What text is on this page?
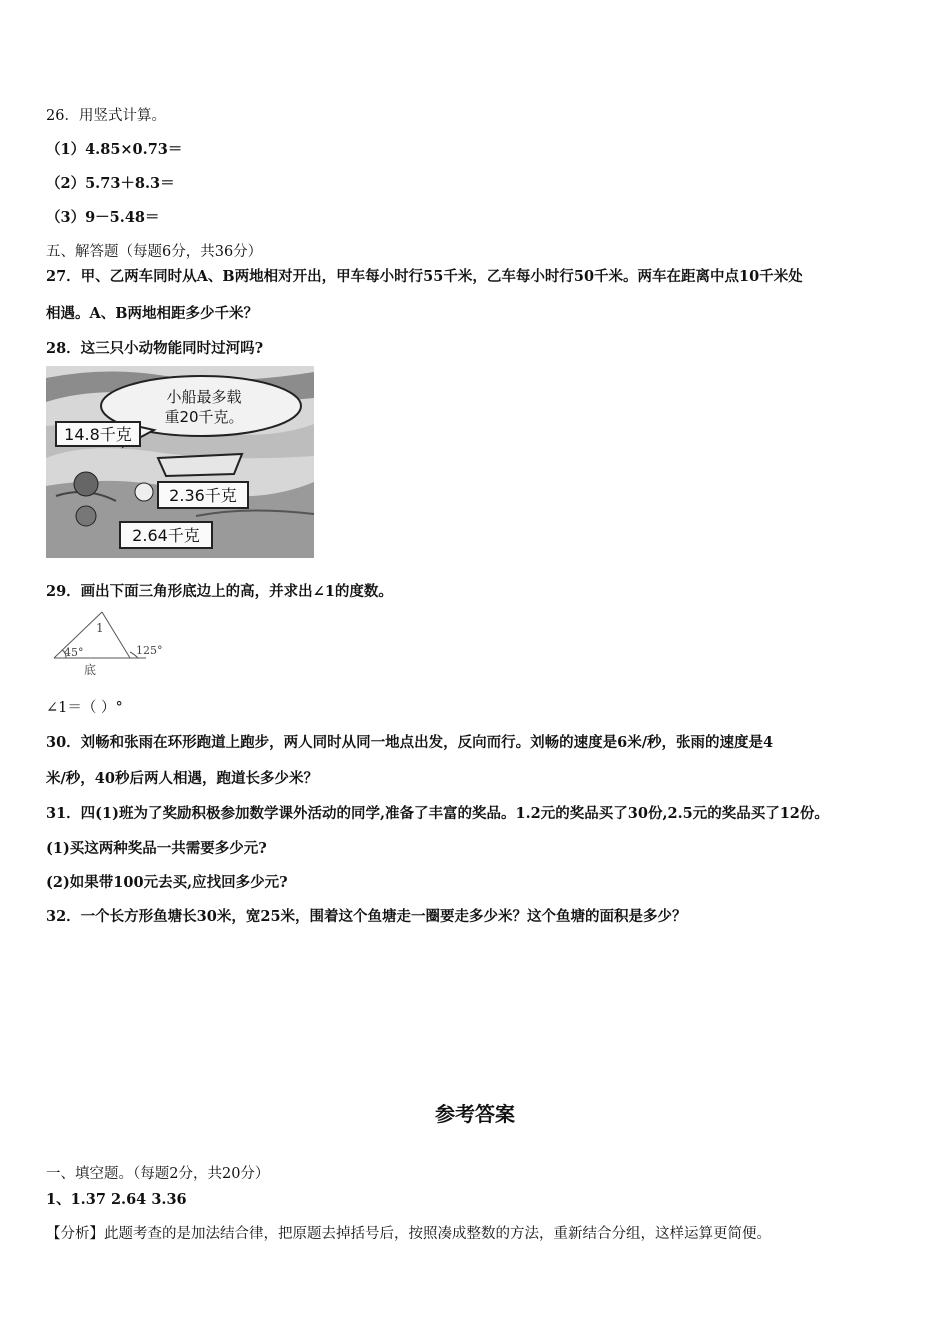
26．用竖式计算。
（1）4.85×0.73＝
（2）5.73＋8.3＝
（3）9－5.48＝
五、解答题（每题6分，共36分）
27．甲、乙两车同时从A、B两地相对开出，甲车每小时行55千米，乙车每小时行50千米。两车在距离中点10千米处
相遇。A、B两地相距多少千米？
28．这三只小动物能同时过河吗?
小船最多载
重20千克。
14.8千克
2.36千克
2.64千克
29．画出下面三角形底边上的高，并求出∠1的度数。
45°
1
125°
底
∠1＝（ ）°
30．刘畅和张雨在环形跑道上跑步，两人同时从同一地点出发，反向而行。刘畅的速度是6米/秒，张雨的速度是4
米/秒，40秒后两人相遇，跑道长多少米？
31．四(1)班为了奖励积极参加数学课外活动的同学,准备了丰富的奖品。1.2元的奖品买了30份,2.5元的奖品买了12份。
(1)买这两种奖品一共需要多少元?
(2)如果带100元去买,应找回多少元?
32．一个长方形鱼塘长30米，宽25米，围着这个鱼塘走一圈要走多少米？这个鱼塘的面积是多少？
参考答案
一、填空题。（每题2分，共20分）
1、1.37 2.64 3.36
【分析】此题考查的是加法结合律，把原题去掉括号后，按照凑成整数的方法，重新结合分组，这样运算更简便。
